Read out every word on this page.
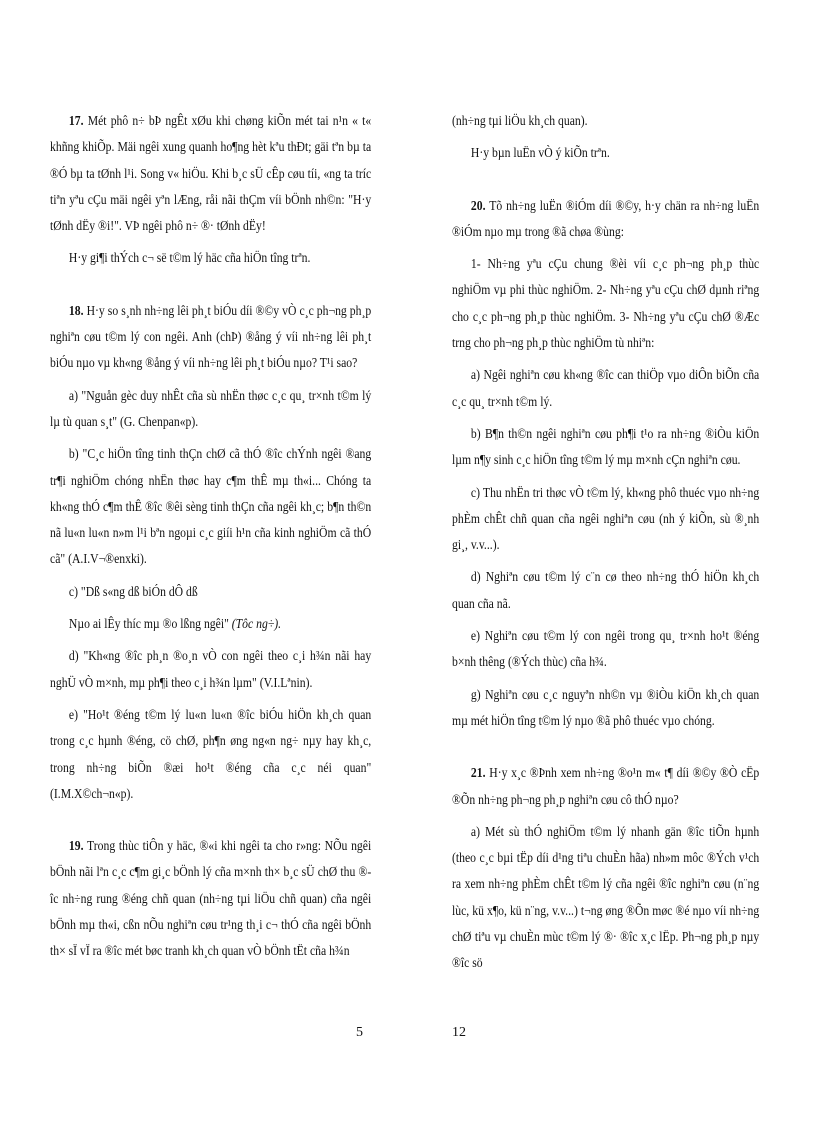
17. Mét phô n÷ bÞ ngÊt xØu khi chøng kiÕn mét tai n¹n « t« khñng khiÕp. Mäi ngêi xung quanh ho¶ng hèt kªu thÐt; gäi tªn bµ ta ®Ó bµ ta tØnh l¹i. Song v« hiÖu. Khi b¸c sÜ cÊp cøu tíi, «ng ta tríc tiªn yªu cÇu mäi ngêi yªn lÆng, råi nãi thÇm víi bÖnh nh©n: "H·y tØnh dËy ®i!". VÞ ngêi phô n÷ ®· tØnh dËy!

H·y gi¶i thÝch c¬ së t©m lý häc cña hiÖn tîng trªn.

18. H·y so s¸nh nh÷ng lêi ph¸t biÓu díi ®©y vÒ c¸c ph¬ng ph¸p nghiªn cøu t©m lý con ngêi. Anh (chÞ) ®ång ý víi nh÷ng lêi ph¸t biÓu nµo vµ kh«ng ®ång ý víi nh÷ng lêi ph¸t biÓu nµo? T¹i sao?

a) "Nguån gèc duy nhÊt cña sù nhËn thøc c¸c qu¸ tr×nh t©m lý lµ tù quan s¸t" (G. Chenpan«p).

b) "C¸c hiÖn tîng tinh thÇn chØ cã thÓ ®îc chÝnh ngêi ®ang tr¶i nghiÖm chóng nhËn thøc hay c¶m thÊ mµ th«i... Chóng ta kh«ng thÓ c¶m thÊ ®îc ®êi sèng tinh thÇn cña ngêi kh¸c; b¶n th©n nã lu«n lu«n n»m l¹i bªn ngoµi c¸c giíi h¹n cña kinh nghiÖm cã thÓ cã" (A.I.V¬®enxki).

c) "Dß s«ng dß biÓn dÔ dß

Nµo ai lÊy thíc mµ ®o lßng ngêi" (Tôc ng÷).

d) "Kh«ng ®îc ph¸n ®o¸n vÒ con ngêi theo c¸i h¾n nãi hay nghÜ vÒ m×nh, mµ ph¶i theo c¸i h¾n lµm" (V.I.Lªnin).

e) "Ho¹t ®éng t©m lý lu«n lu«n ®îc biÓu hiÖn kh¸ch quan trong c¸c hµnh ®éng, cö chØ, ph¶n øng ng«n ng÷ nµy hay kh¸c, trong nh÷ng biÕn ®æi ho¹t ®éng cña c¸c néi quan" (I.M.X©ch¬n«p).

19. Trong thùc tiÔn y häc, ®«i khi ngêi ta cho r»ng: NÕu ngêi bÖnh nãi lªn c¸c c¶m gi¸c bÖnh lý cña m×nh th× b¸c sÜ chØ thu ®îc nh÷ng rung ®éng chñ quan (nh÷ng tµi liÖu chñ quan) cña ngêi bÖnh mµ th«i, cßn nÕu nghiªn cøu tr¹ng th¸i c¬ thÓ cña ngêi bÖnh th× sÏ vÏ ra ®îc mét bøc tranh kh¸ch quan vÒ bÖnh tËt cña h¾n

(nh÷ng tµi liÖu kh¸ch quan).

H·y bµn luËn vÒ ý kiÕn trªn.

20. Tõ nh÷ng luËn ®iÓm díi ®©y, h·y chän ra nh÷ng luËn ®iÓm nµo mµ trong ®ã chøa ®ùng:

1- Nh÷ng yªu cÇu chung ®èi víi c¸c ph¬ng ph¸p thùc nghiÖm vµ phi thùc nghiÖm. 2- Nh÷ng yªu cÇu chØ dµnh riªng cho c¸c ph¬ng ph¸p thùc nghiÖm. 3- Nh÷ng yªu cÇu chØ ®Æc trng cho ph¬ng ph¸p thùc nghiÖm tù nhiªn:

a) Ngêi nghiªn cøu kh«ng ®îc can thiÖp vµo diÔn biÕn cña c¸c qu¸ tr×nh t©m lý.

b) B¶n th©n ngêi nghiªn cøu ph¶i t¹o ra nh÷ng ®iÒu kiÖn lµm n¶y sinh c¸c hiÖn tîng t©m lý mµ m×nh cÇn nghiªn cøu.

c) Thu nhËn tri thøc vÒ t©m lý, kh«ng phô thuéc vµo nh÷ng phÈm chÊt chñ quan cña ngêi nghiªn cøu (nh ý kiÕn, sù ®¸nh gi¸, v.v...).

d) Nghiªn cøu t©m lý c¨n cø theo nh÷ng thÓ hiÖn kh¸ch quan cña nã.

e) Nghiªn cøu t©m lý con ngêi trong qu¸ tr×nh ho¹t ®éng b×nh thêng (®Ých thùc) cña h¾.

g) Nghiªn cøu c¸c nguyªn nh©n vµ ®iÒu kiÖn kh¸ch quan mµ mét hiÖn tîng t©m lý nµo ®ã phô thuéc vµo chóng.

21. H·y x¸c ®Þnh xem nh÷ng ®o¹n m« t¶ díi ®©y ®Ò cËp ®Õn nh÷ng ph¬ng ph¸p nghiªn cøu cô thÓ nµo?

a) Mét sù thÓ nghiÖm t©m lý nhanh gän ®îc tiÕn hµnh (theo c¸c bµi tËp díi d¹ng tiªu chuÈn hãa) nh»m môc ®Ých v¹ch ra xem nh÷ng phÈm chÊt t©m lý cña ngêi ®îc nghiªn cøu (n¨ng lùc, kü x¶o, kü n¨ng, v.v...) t¬ng øng ®Õn møc ®é nµo víi nh÷ng chØ tiªu vµ chuÈn mùc t©m lý ®· ®îc x¸c lËp. Ph¬ng ph¸p nµy ®îc sö

5	12
